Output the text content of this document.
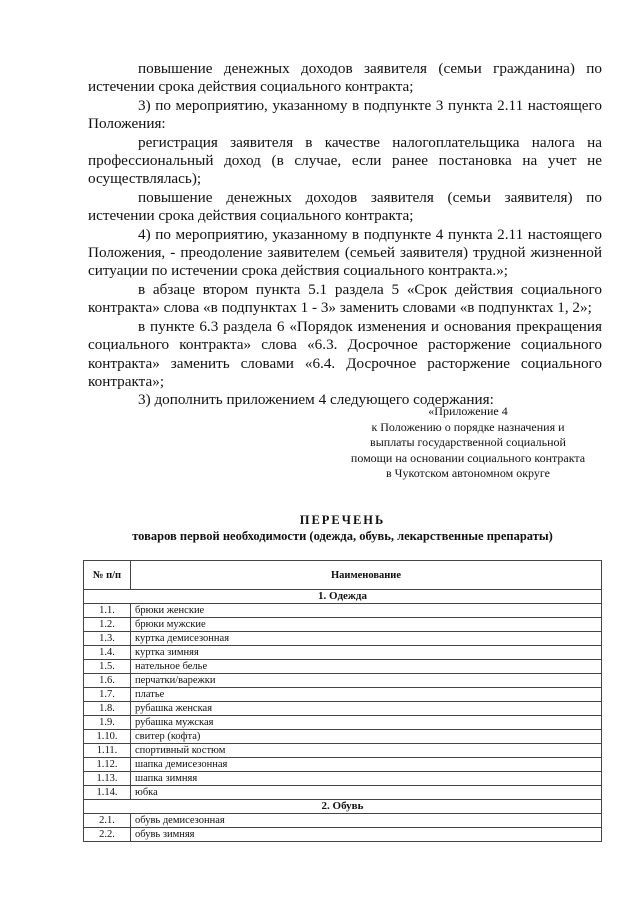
повышение денежных доходов заявителя (семьи гражданина) по истечении срока действия социального контракта;

3) по мероприятию, указанному в подпункте 3 пункта 2.11 настоящего Положения:

регистрация заявителя в качестве налогоплательщика налога на профессиональный доход (в случае, если ранее постановка на учет не осуществлялась);

повышение денежных доходов заявителя (семьи заявителя) по истечении срока действия социального контракта;

4) по мероприятию, указанному в подпункте 4 пункта 2.11 настоящего Положения, - преодоление заявителем (семьей заявителя) трудной жизненной ситуации по истечении срока действия социального контракта.»;

в абзаце втором пункта 5.1 раздела 5 «Срок действия социального контракта» слова «в подпунктах 1 - 3» заменить словами «в подпунктах 1, 2»;

в пункте 6.3 раздела 6 «Порядок изменения и основания прекращения социального контракта» слова «6.3. Досрочное расторжение социального контракта» заменить словами «6.4. Досрочное расторжение социального контракта»;

3) дополнить приложением 4 следующего содержания:

«Приложение 4
к Положению о порядке назначения и
выплаты государственной социальной
помощи на основании социального контракта
в Чукотском автономном округе
ПЕРЕЧЕНЬ
товаров первой необходимости (одежда, обувь, лекарственные препараты)
№ п/п	Наименование
1. Одежда	
1.1.	брюки женские
1.2.	брюки мужские
1.3.	куртка демисезонная
1.4.	куртка зимняя
1.5.	нательное белье
1.6.	перчатки/варежки
1.7.	платье
1.8.	рубашка женская
1.9.	рубашка мужская
1.10.	свитер (кофта)
1.11.	спортивный костюм
1.12.	шапка демисезонная
1.13.	шапка зимняя
1.14.	юбка
2. Обувь	
2.1.	обувь демисезонная
2.2.	обувь зимняя
